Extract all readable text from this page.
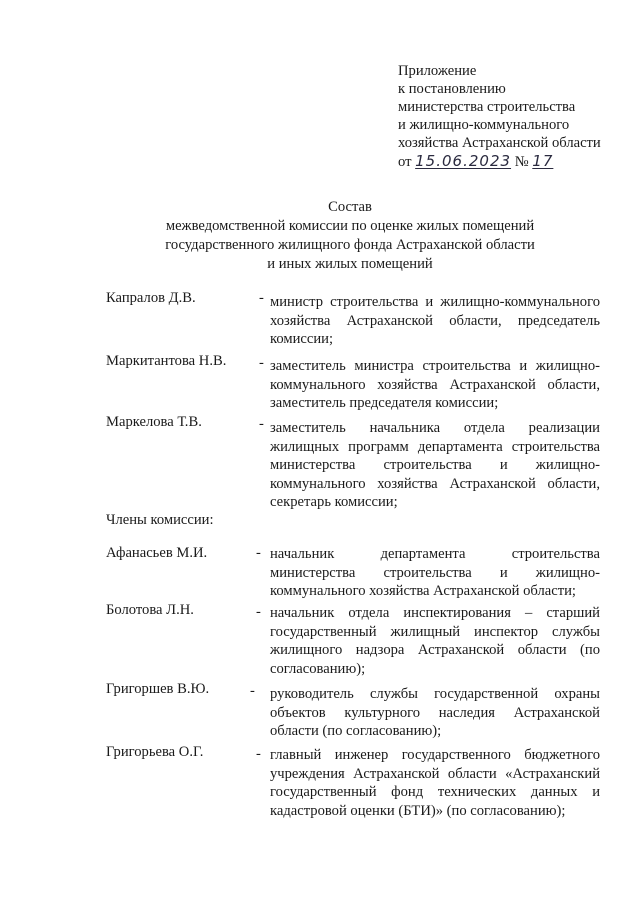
Приложение
к постановлению
министерства строительства
и жилищно-коммунального
хозяйства Астраханской области
от 15.06.2023 № 17
Состав
межведомственной комиссии по оценке жилых помещений
государственного жилищного фонда Астраханской области
и иных жилых помещений
Капралов Д.В.	- министр строительства и жилищно-коммунального хозяйства Астраханской области, председатель комиссии;
Маркитантова Н.В. - заместитель министра строительства и жилищно-коммунального хозяйства Астраханской области, заместитель председателя комиссии;
Маркелова Т.В.	- заместитель начальника отдела реализации жилищных программ департамента строительства министерства строительства и жилищно-коммунального хозяйства Астраханской области, секретарь комиссии;
Члены комиссии:
Афанасьев М.И.	- начальник департамента строительства министерства строительства и жилищно-коммунального хозяйства Астраханской области;
Болотова Л.Н.	- начальник отдела инспектирования – старший государственный жилищный инспектор службы жилищного надзора Астраханской области (по согласованию);
Григоршев В.Ю.	- руководитель службы государственной охраны объектов культурного наследия Астраханской области (по согласованию);
Григорьева О.Г.	- главный инженер государственного бюджетного учреждения Астраханской области «Астраханский государственный фонд технических данных и кадастровой оценки (БТИ)» (по согласованию);
